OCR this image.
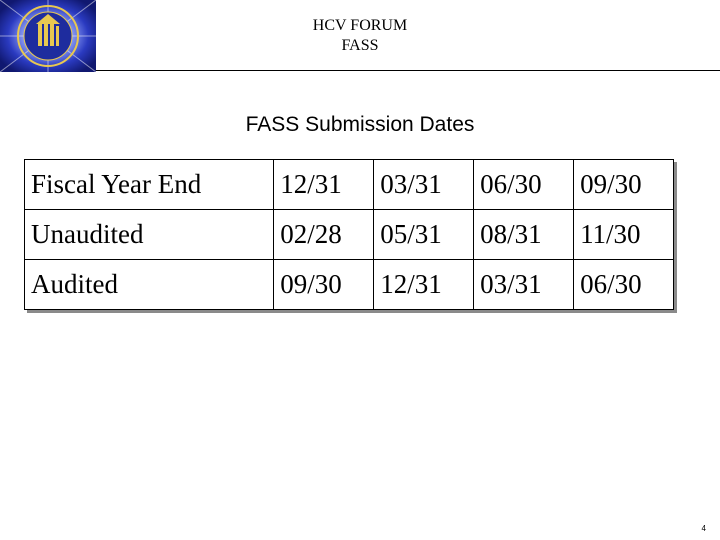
HCV FORUM
FASS
FASS Submission Dates
Fiscal Year End	12/31	03/31	06/30	09/30
Unaudited	02/28	05/31	08/31	11/30
Audited	09/30	12/31	03/31	06/30
4
